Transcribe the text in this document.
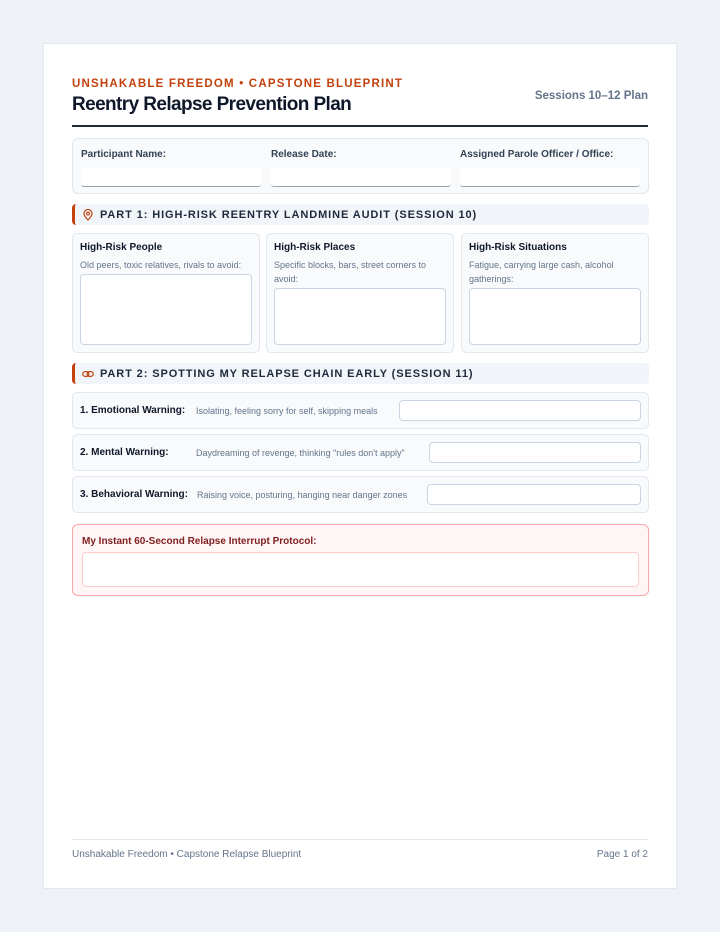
UNSHAKABLE FREEDOM • CAPSTONE BLUEPRINT
Reentry Relapse Prevention Plan	Sessions 10–12 Plan
Participant Name:	Release Date:	Assigned Parole Officer / Office:
PART 1: HIGH-RISK REENTRY LANDMINE AUDIT (SESSION 10)
High-Risk People
Old peers, toxic relatives, rivals to avoid:
High-Risk Places
Specific blocks, bars, street corners to avoid:
High-Risk Situations
Fatigue, carrying large cash, alcohol gatherings:
PART 2: SPOTTING MY RELAPSE CHAIN EARLY (SESSION 11)
1. Emotional Warning: Isolating, feeling sorry for self, skipping meals
2. Mental Warning:	Daydreaming of revenge, thinking "rules don't apply"
3. Behavioral Warning: Raising voice, posturing, hanging near danger zones
My Instant 60-Second Relapse Interrupt Protocol:
Unshakable Freedom • Capstone Relapse Blueprint	Page 1 of 2
